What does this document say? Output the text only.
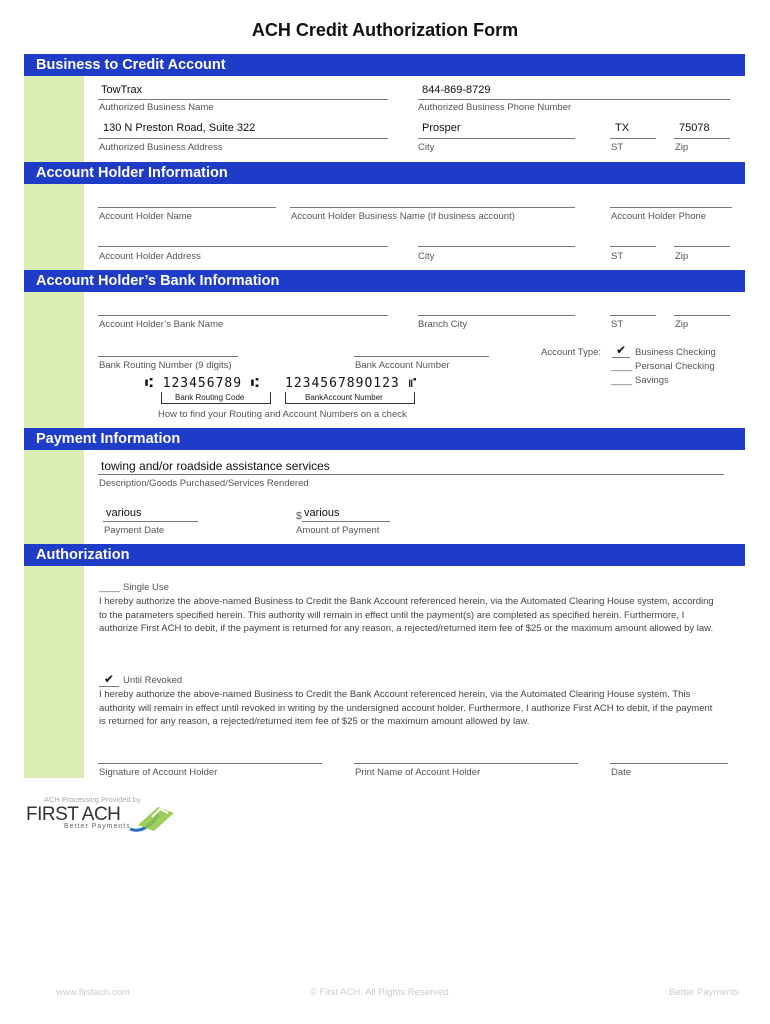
ACH Credit Authorization Form
Business to Credit Account
TowTrax
Authorized Business Name
844-869-8729
Authorized Business Phone Number
130 N Preston Road, Suite 322
Authorized Business Address
Prosper
City
TX
ST
75078
Zip
Account Holder Information
Account Holder Name	Account Holder Business Name (if business account)	Account Holder Phone
Account Holder Address	City	ST	Zip
Account Holder’s Bank Information
Account Holder’s Bank Name	Branch City	ST	Zip
Bank Routing Number (9 digits)	Bank Account Number
Account Type:	✔ Business Checking
____ Personal Checking
____ Savings
⑆ 123456789 ⑆ 123456789O123 ⑈
Bank Routing Code	BankAccount Number
How to find your Routing and Account Numbers on a check
Payment Information
towing and/or roadside assistance services
Description/Goods Purchased/Services Rendered
various
Payment Date
$ various
Amount of Payment
Authorization
____ Single Use
I hereby authorize the above-named Business to Credit the Bank Account referenced herein, via the Automated Clearing House system, according to the parameters specified herein. This authority will remain in effect until the payment(s) are completed as specified herein. Furthermore, I authorize First ACH to debit, if the payment is returned for any reason, a rejected/returned item fee of $25 or the maximum amount allowed by law.
✔ Until Revoked
I hereby authorize the above-named Business to Credit the Bank Account referenced herein, via the Automated Clearing House system. This authority will remain in effect until revoked in writing by the undersigned account holder. Furthermore, I authorize First ACH to debit, if the payment is returned for any reason, a rejected/returned item fee of $25 or the maximum amount allowed by law.
Signature of Account Holder	Print Name of Account Holder	Date
ACH Processing Provided by
FIRST ACH
Better Payments
www.firstach.com	© First ACH. All Rights Reserved.	Better Payments
